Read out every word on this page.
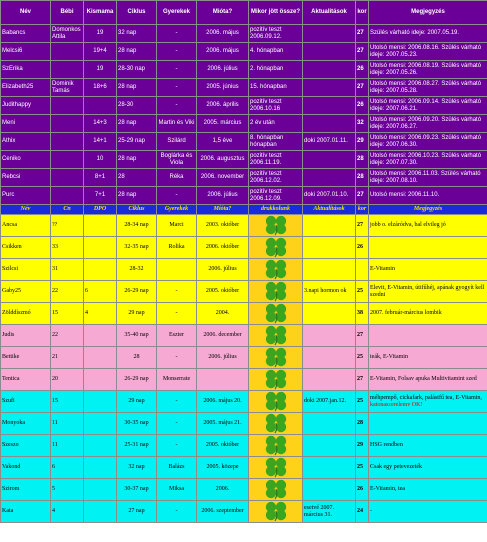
Név	Bébi	Kismama	Ciklus	Gyerekek	Mióta?	Mikor jött össze?	Aktualitások	kor	Megjegyzés
Babancs	Domonkos Attila	19	32 nap	-	2006. május	pozitív teszt 2006.09.12.		27	Szülés várható ideje: 2007.05.19.
Melcsi6		19+4	28 nap	-	2006. május	4. hónapban		27	Utolsó mensi: 2006.08.16. Szülés várható ideje: 2007.05.23.
SzErika		19	28-30 nap	-	2006. július	2. hónapban		26	Utolsó mensi: 2006.08.19. Szülés várható ideje: 2007.05.26.
Elizabeth25	Dominik Tamás	18+6	28 nap	-	2005. június	15. hónapban		27	Utolsó mensi: 2006.08.27. Szülés várható ideje: 2007.05.28.
Judithappy			28-30	-	2006. április	pozitív teszt 2006.10.16		26	Utolsó mensi: 2006.09.14. Szülés várható ideje: 2007.06.21.
Meni		14+3	28 nap	Martin és Viki	2005. március	2 év után		32	Utolsó mensi: 2006.09.20. Szülés várható ideje: 2007.06.27.
Athix		14+1	25-29 nap	Szilárd	1,5 éve	8. hónapban hónapban	doki 2007.01.11.	29	Utolsó mensi: 2006.09.23. Szülés várható ideje: 2007.06.30.
Ceniko		10	28 nap	Boglárka és Viola	2006. augusztus	pozitív teszt 2006.11.19.		28	Utolsó mensi: 2006.10.23. Szülés várható ideje: 2007.07.30.
Rebcsi		8+1	28	Réka	2006. november	pozitív teszt 2006.12.02.		28	Utolsó mensi: 2006.11.03. Szülés várható ideje: 2007.08.10.
Purc		7+1	28 nap	-	2006. július	pozitív teszt 2006.12.09.	doki 2007.01.10.	27	Utolsó mensi: 2006.11.10.
Név	Cn	DPO	Ciklus	Gyerekek	Mióta?	drukkolunk	Aktualitások	kor	Megjegyzés
Ancsa	??		28-34 nap	Marci	2003. október			27	jobb o. elzáródva, bal elvileg jó
Csikken	33		32-35 nap	Rolika	2006. október			26	
Szilcsi	31		28-32		2006. július				E-Vitamin
Gaby25	22	6	26-29 nap	-	2005. október		3.napi hormon ok	25	Elevit, E-Vitamin, útifűhéj, apának gyogyít kell szedni
Zölddíszmó	15	4	29 nap	-	2004.			38	2007. február-március lombik
Judis	22		35-40 nap	Eszter	2006. december			27	
Bettike	21		28	-	2006. július			25	teák, E-Vitamin
Tentica	20		26-29 nap	Monserrate				27	E-Vitamin, Folsav apuka Multivitamint szed
Szufi	15		29 nap	-	2006. május 20.		doki 2007.jan.12.	25	méhpempő, cickafark, palástfű tea, E-Vitamin, katonaszerelemv OK!
Monyoka	11		30-35 nap	-	2005. május 21.			28	
Szeszo	11		25-31 nap	-	2005. október			29	HSG rendben
Vakond	6		32 nap	Balázs	2005. közepe			25	Csak egy petevezeték
Szirom	5		30-37 nap	Miksa	2006.			26	E-Vitamin, tea
Kata	4		27 nap	-	2006. szeptember		esetvé 2007. március 31.	24	-
